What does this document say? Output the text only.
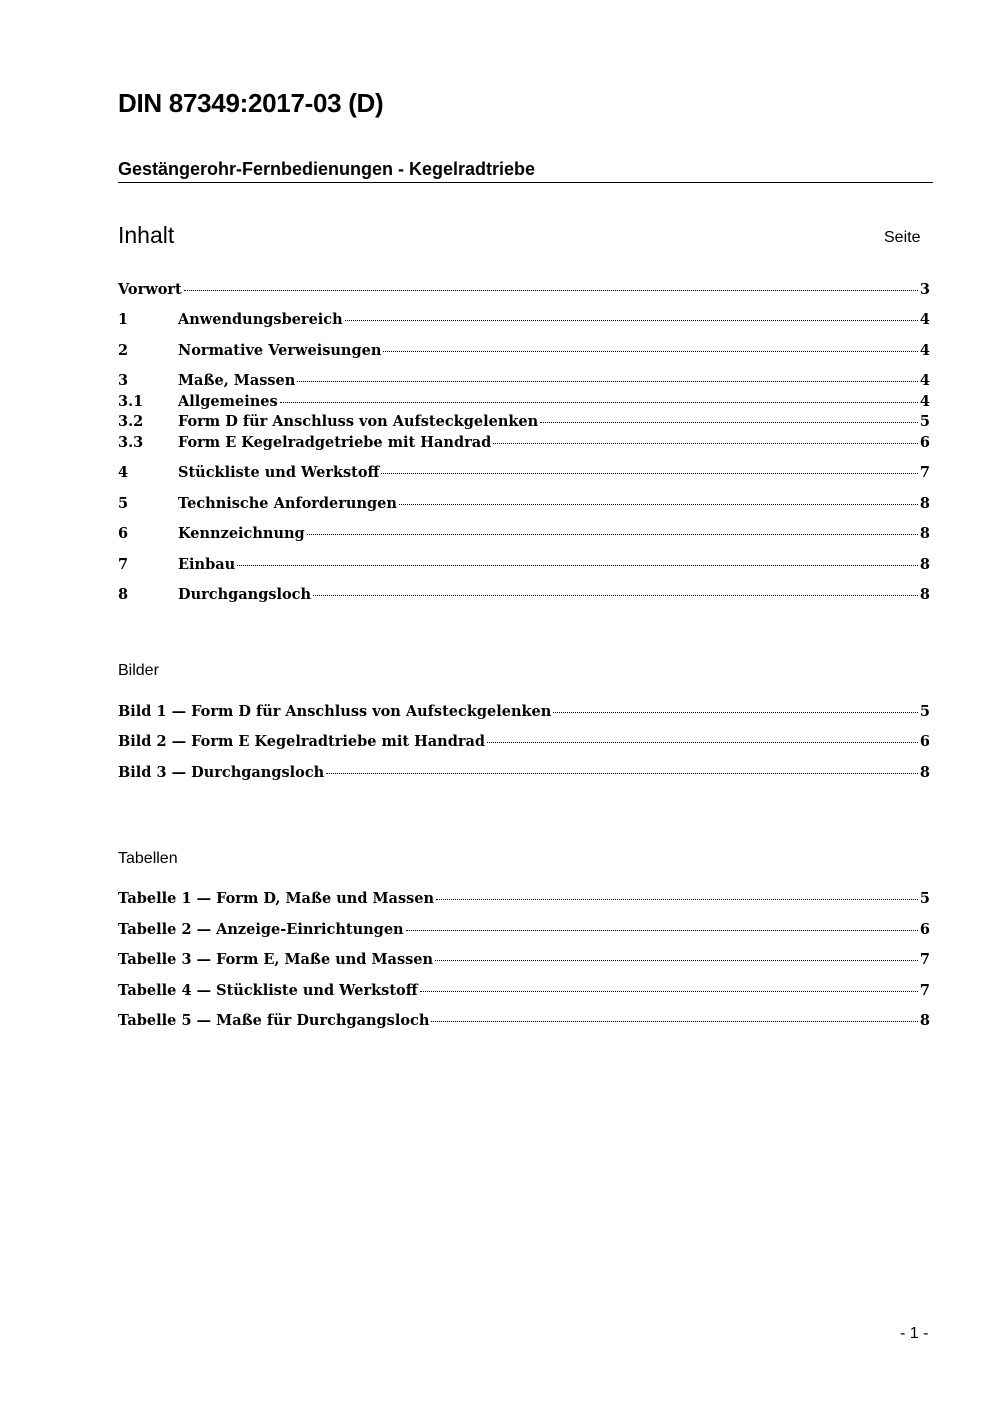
DIN 87349:2017-03 (D)
Gestängerohr-Fernbedienungen - Kegelradtriebe
Inhalt	Seite
Vorwort	3
1	Anwendungsbereich	4
2	Normative Verweisungen	4
3	Maße, Massen	4
3.1	Allgemeines	4
3.2	Form D für Anschluss von Aufsteckgelenken	5
3.3	Form E Kegelradgetriebe mit Handrad	6
4	Stückliste und Werkstoff	7
5	Technische Anforderungen	8
6	Kennzeichnung	8
7	Einbau	8
8	Durchgangsloch	8
Bilder
Bild 1 — Form D für Anschluss von Aufsteckgelenken	5
Bild 2 — Form E Kegelradtriebe mit Handrad	6
Bild 3 — Durchgangsloch	8
Tabellen
Tabelle 1 — Form D, Maße und Massen	5
Tabelle 2 — Anzeige-Einrichtungen	6
Tabelle 3 — Form E, Maße und Massen	7
Tabelle 4 — Stückliste und Werkstoff	7
Tabelle 5 — Maße für Durchgangsloch	8
- 1 -
